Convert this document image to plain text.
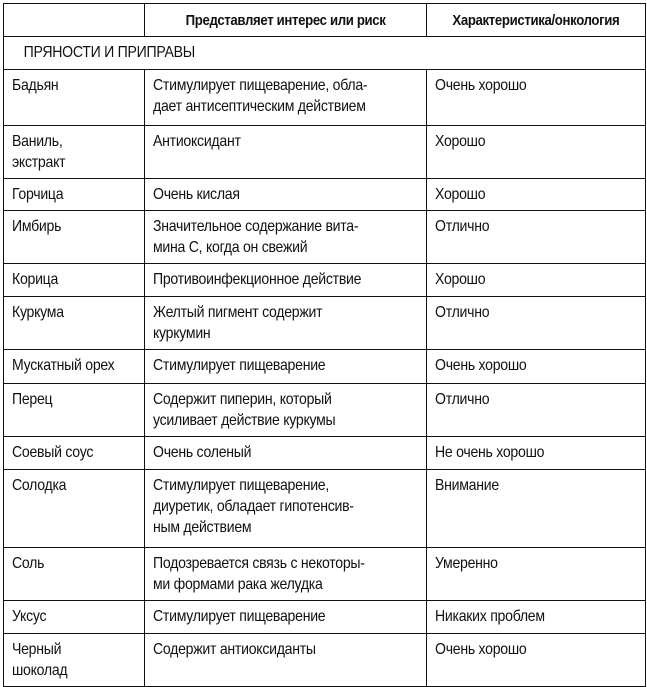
	Представляет интерес или риск	Характеристика/онкология
ПРЯНОСТИ И ПРИПРАВЫ		

Бадьян	Стимулирует пищеварение, обла-
дает антисептическим действием	Очень хорошо

Ваниль,
экстракт	Антиоксидант	Хорошо

Горчица	Очень кислая	Хорошо

Имбирь	Значительное содержание вита-
мина С, когда он свежий	Отлично

Корица	Противоинфекционное действие	Хорошо

Куркума	Желтый пигмент содержит
куркумин	Отлично

Мускатный орех	Стимулирует пищеварение	Очень хорошо

Перец	Содержит пиперин, который
усиливает действие куркумы	Отлично

Соевый соус	Очень соленый	Не очень хорошо

Солодка	Стимулирует пищеварение,
диуретик, обладает гипотенсив-
ным действием	Внимание

Соль	Подозревается связь с некоторы-
ми формами рака желудка	Умеренно

Уксус	Стимулирует пищеварение	Никаких проблем

Черный
шоколад	Содержит антиоксиданты	Очень хорошо
